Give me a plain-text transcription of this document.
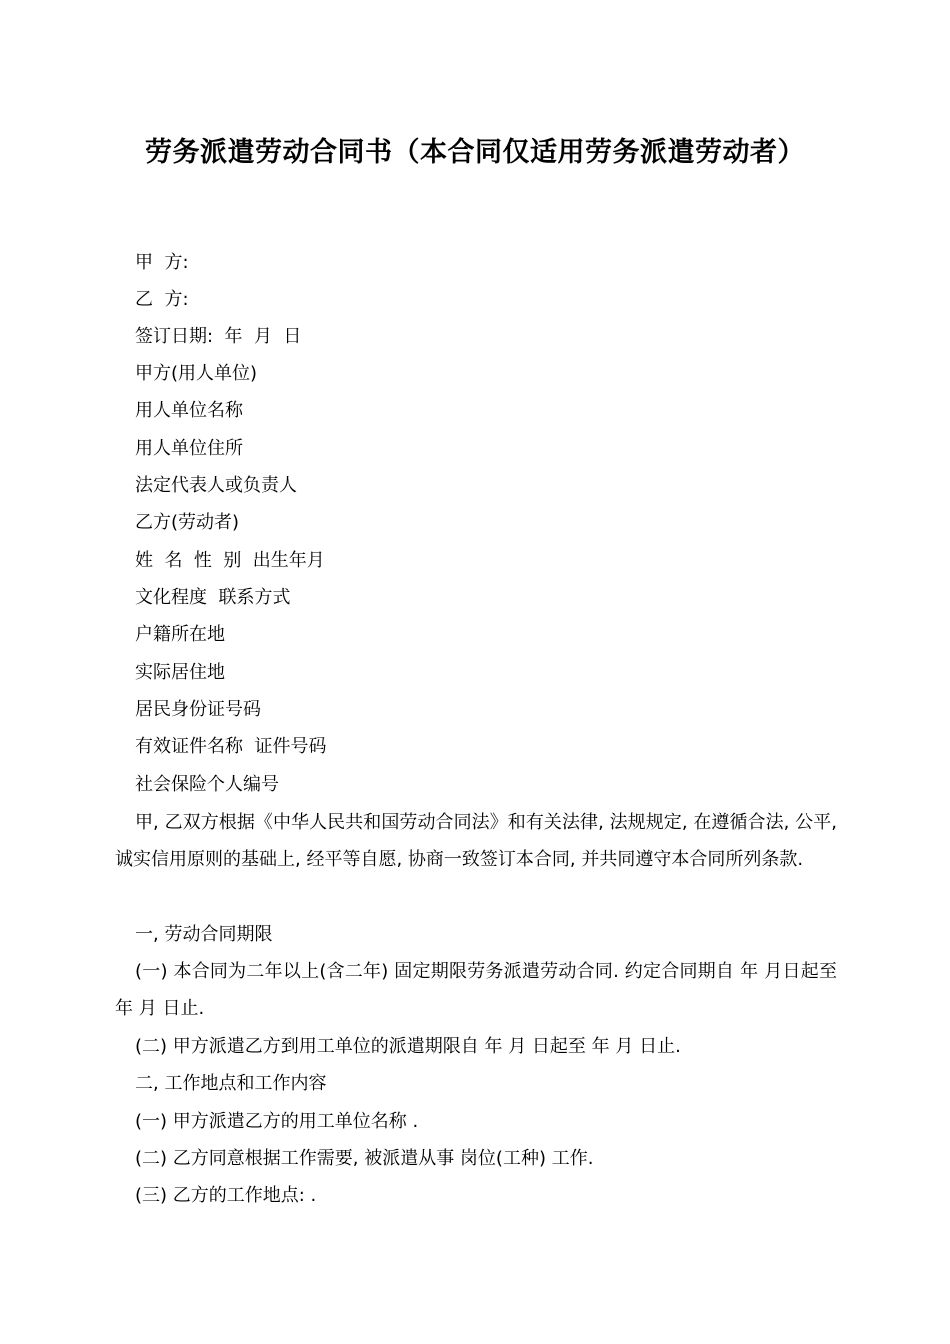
劳务派遣劳动合同书（本合同仅适用劳务派遣劳动者）
甲  方:
乙  方:
签订日期:  年  月  日
甲方(用人单位)
用人单位名称
用人单位住所
法定代表人或负责人
乙方(劳动者)
姓  名  性  别  出生年月
文化程度  联系方式
户籍所在地
实际居住地
居民身份证号码
有效证件名称  证件号码
社会保险个人编号
甲, 乙双方根据《中华人民共和国劳动合同法》和有关法律, 法规规定, 在遵循合法, 公平, 诚实信用原则的基础上, 经平等自愿, 协商一致签订本合同, 并共同遵守本合同所列条款.
一, 劳动合同期限
(一) 本合同为二年以上(含二年) 固定期限劳务派遣劳动合同. 约定合同期自 年 月日起至 年 月 日止.
(二) 甲方派遣乙方到用工单位的派遣期限自 年 月 日起至 年 月 日止.
二, 工作地点和工作内容
(一) 甲方派遣乙方的用工单位名称 .
(二) 乙方同意根据工作需要, 被派遣从事 岗位(工种) 工作.
(三) 乙方的工作地点: .
